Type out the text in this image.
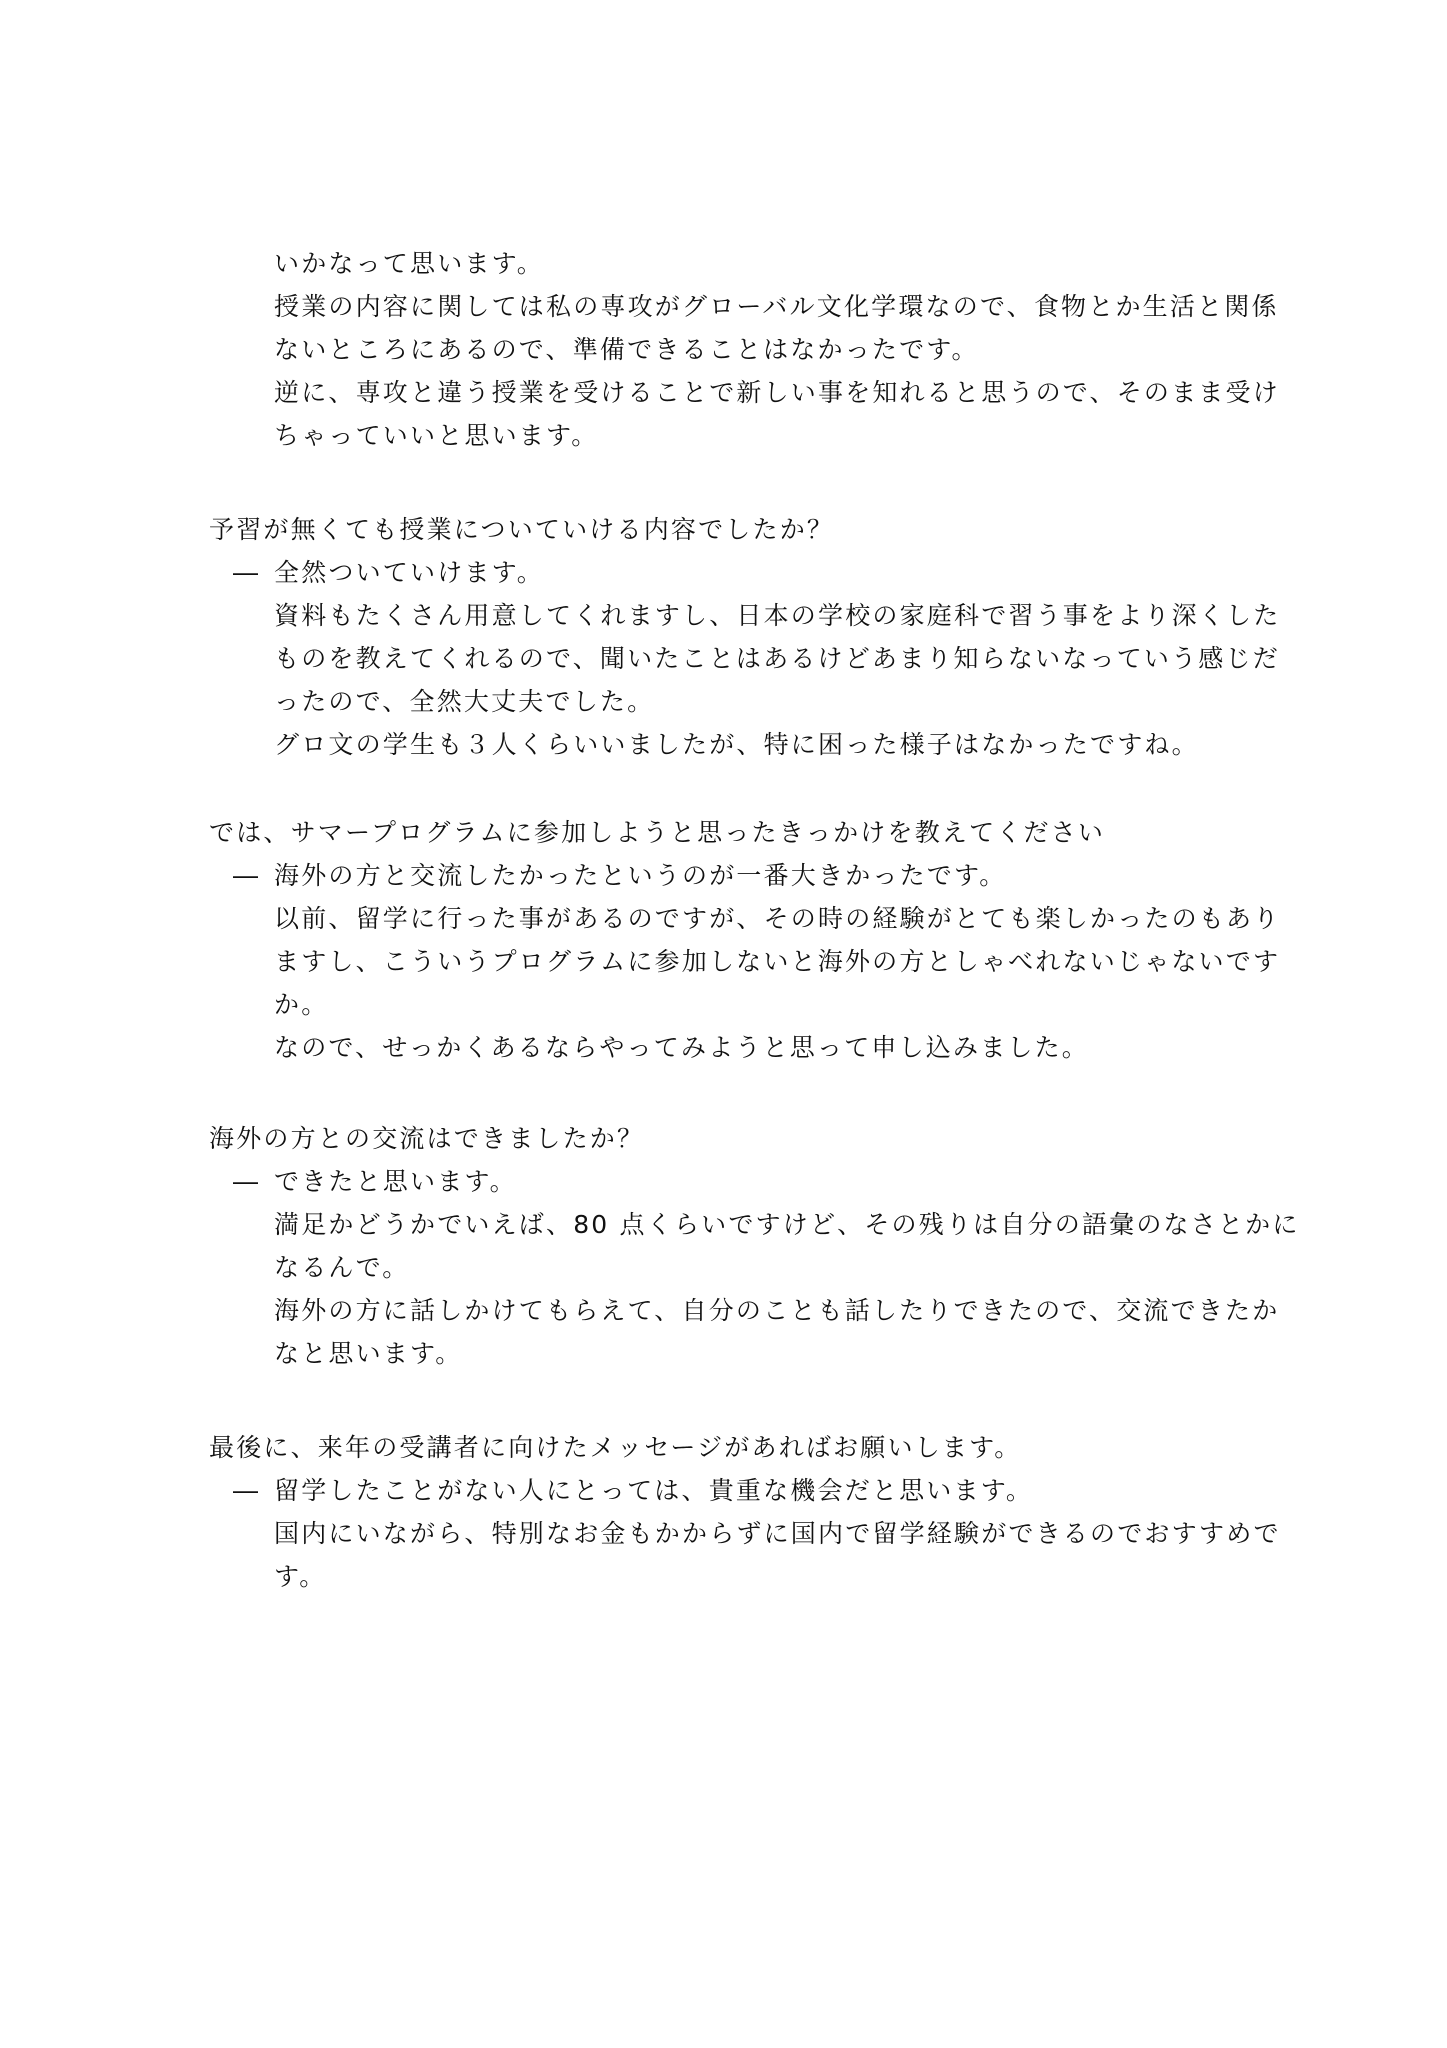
いかなって思います。
授業の内容に関しては私の専攻がグローバル文化学環なので、食物とか生活と関係
ないところにあるので、準備できることはなかったです。
逆に、専攻と違う授業を受けることで新しい事を知れると思うので、そのまま受け
ちゃっていいと思います。
予習が無くても授業についていける内容でしたか？
― 全然ついていけます。
資料もたくさん用意してくれますし、日本の学校の家庭科で習う事をより深くした
ものを教えてくれるので、聞いたことはあるけどあまり知らないなっていう感じだ
ったので、全然大丈夫でした。
グロ文の学生も３人くらいいましたが、特に困った様子はなかったですね。
では、サマープログラムに参加しようと思ったきっかけを教えてください
― 海外の方と交流したかったというのが一番大きかったです。
以前、留学に行った事があるのですが、その時の経験がとても楽しかったのもあり
ますし、こういうプログラムに参加しないと海外の方としゃべれないじゃないです
か。
なので、せっかくあるならやってみようと思って申し込みました。
海外の方との交流はできましたか？
― できたと思います。
満足かどうかでいえば、80 点くらいですけど、その残りは自分の語彙のなさとかに
なるんで。
海外の方に話しかけてもらえて、自分のことも話したりできたので、交流できたか
なと思います。
最後に、来年の受講者に向けたメッセージがあればお願いします。
― 留学したことがない人にとっては、貴重な機会だと思います。
国内にいながら、特別なお金もかからずに国内で留学経験ができるのでおすすめで
す。
